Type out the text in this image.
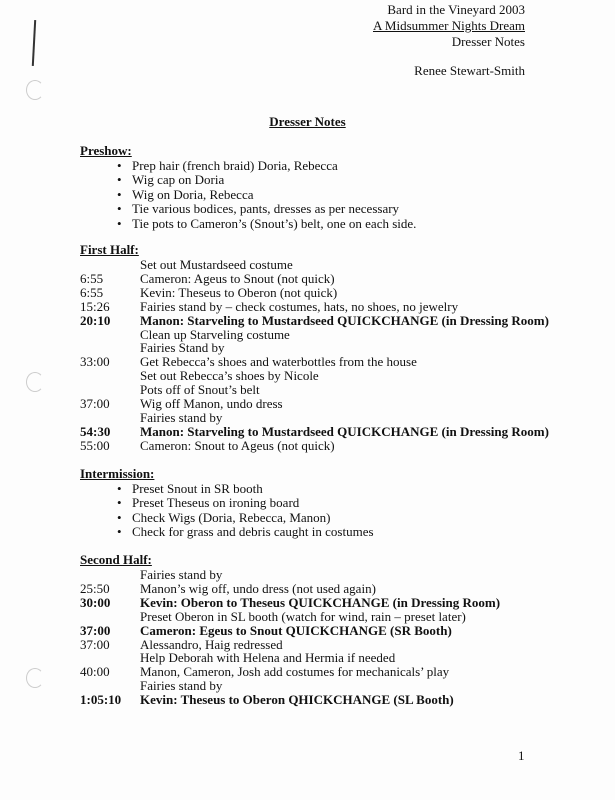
Bard in the Vineyard 2003
A Midsummer Nights Dream
Dresser Notes
Renee Stewart-Smith
Dresser Notes
Preshow:
• Prep hair (french braid) Doria, Rebecca
• Wig cap on Doria
• Wig on Doria, Rebecca
• Tie various bodices, pants, dresses as per necessary
• Tie pots to Cameron’s (Snout’s) belt, one on each side.
First Half:
Set out Mustardseed costume
6:55	Cameron: Ageus to Snout (not quick)
6:55	Kevin: Theseus to Oberon (not quick)
15:26	Fairies stand by – check costumes, hats, no shoes, no jewelry
20:10	Manon: Starveling to Mustardseed QUICKCHANGE (in Dressing Room)
Clean up Starveling costume
Fairies Stand by
33:00	Get Rebecca’s shoes and waterbottles from the house
Set out Rebecca’s shoes by Nicole
Pots off of Snout’s belt
37:00	Wig off Manon, undo dress
Fairies stand by
54:30	Manon: Starveling to Mustardseed QUICKCHANGE (in Dressing Room)
55:00	Cameron: Snout to Ageus (not quick)
Intermission:
• Preset Snout in SR booth
• Preset Theseus on ironing board
• Check Wigs (Doria, Rebecca, Manon)
• Check for grass and debris caught in costumes
Second Half:
Fairies stand by
25:50	Manon’s wig off, undo dress (not used again)
30:00	Kevin: Oberon to Theseus QUICKCHANGE (in Dressing Room)
Preset Oberon in SL booth (watch for wind, rain – preset later)
37:00	Cameron: Egeus to Snout QUICKCHANGE (SR Booth)
37:00	Alessandro, Haig redressed
Help Deborah with Helena and Hermia if needed
40:00	Manon, Cameron, Josh add costumes for mechanicals’ play
Fairies stand by
1:05:10	Kevin: Theseus to Oberon QHICKCHANGE (SL Booth)
1
